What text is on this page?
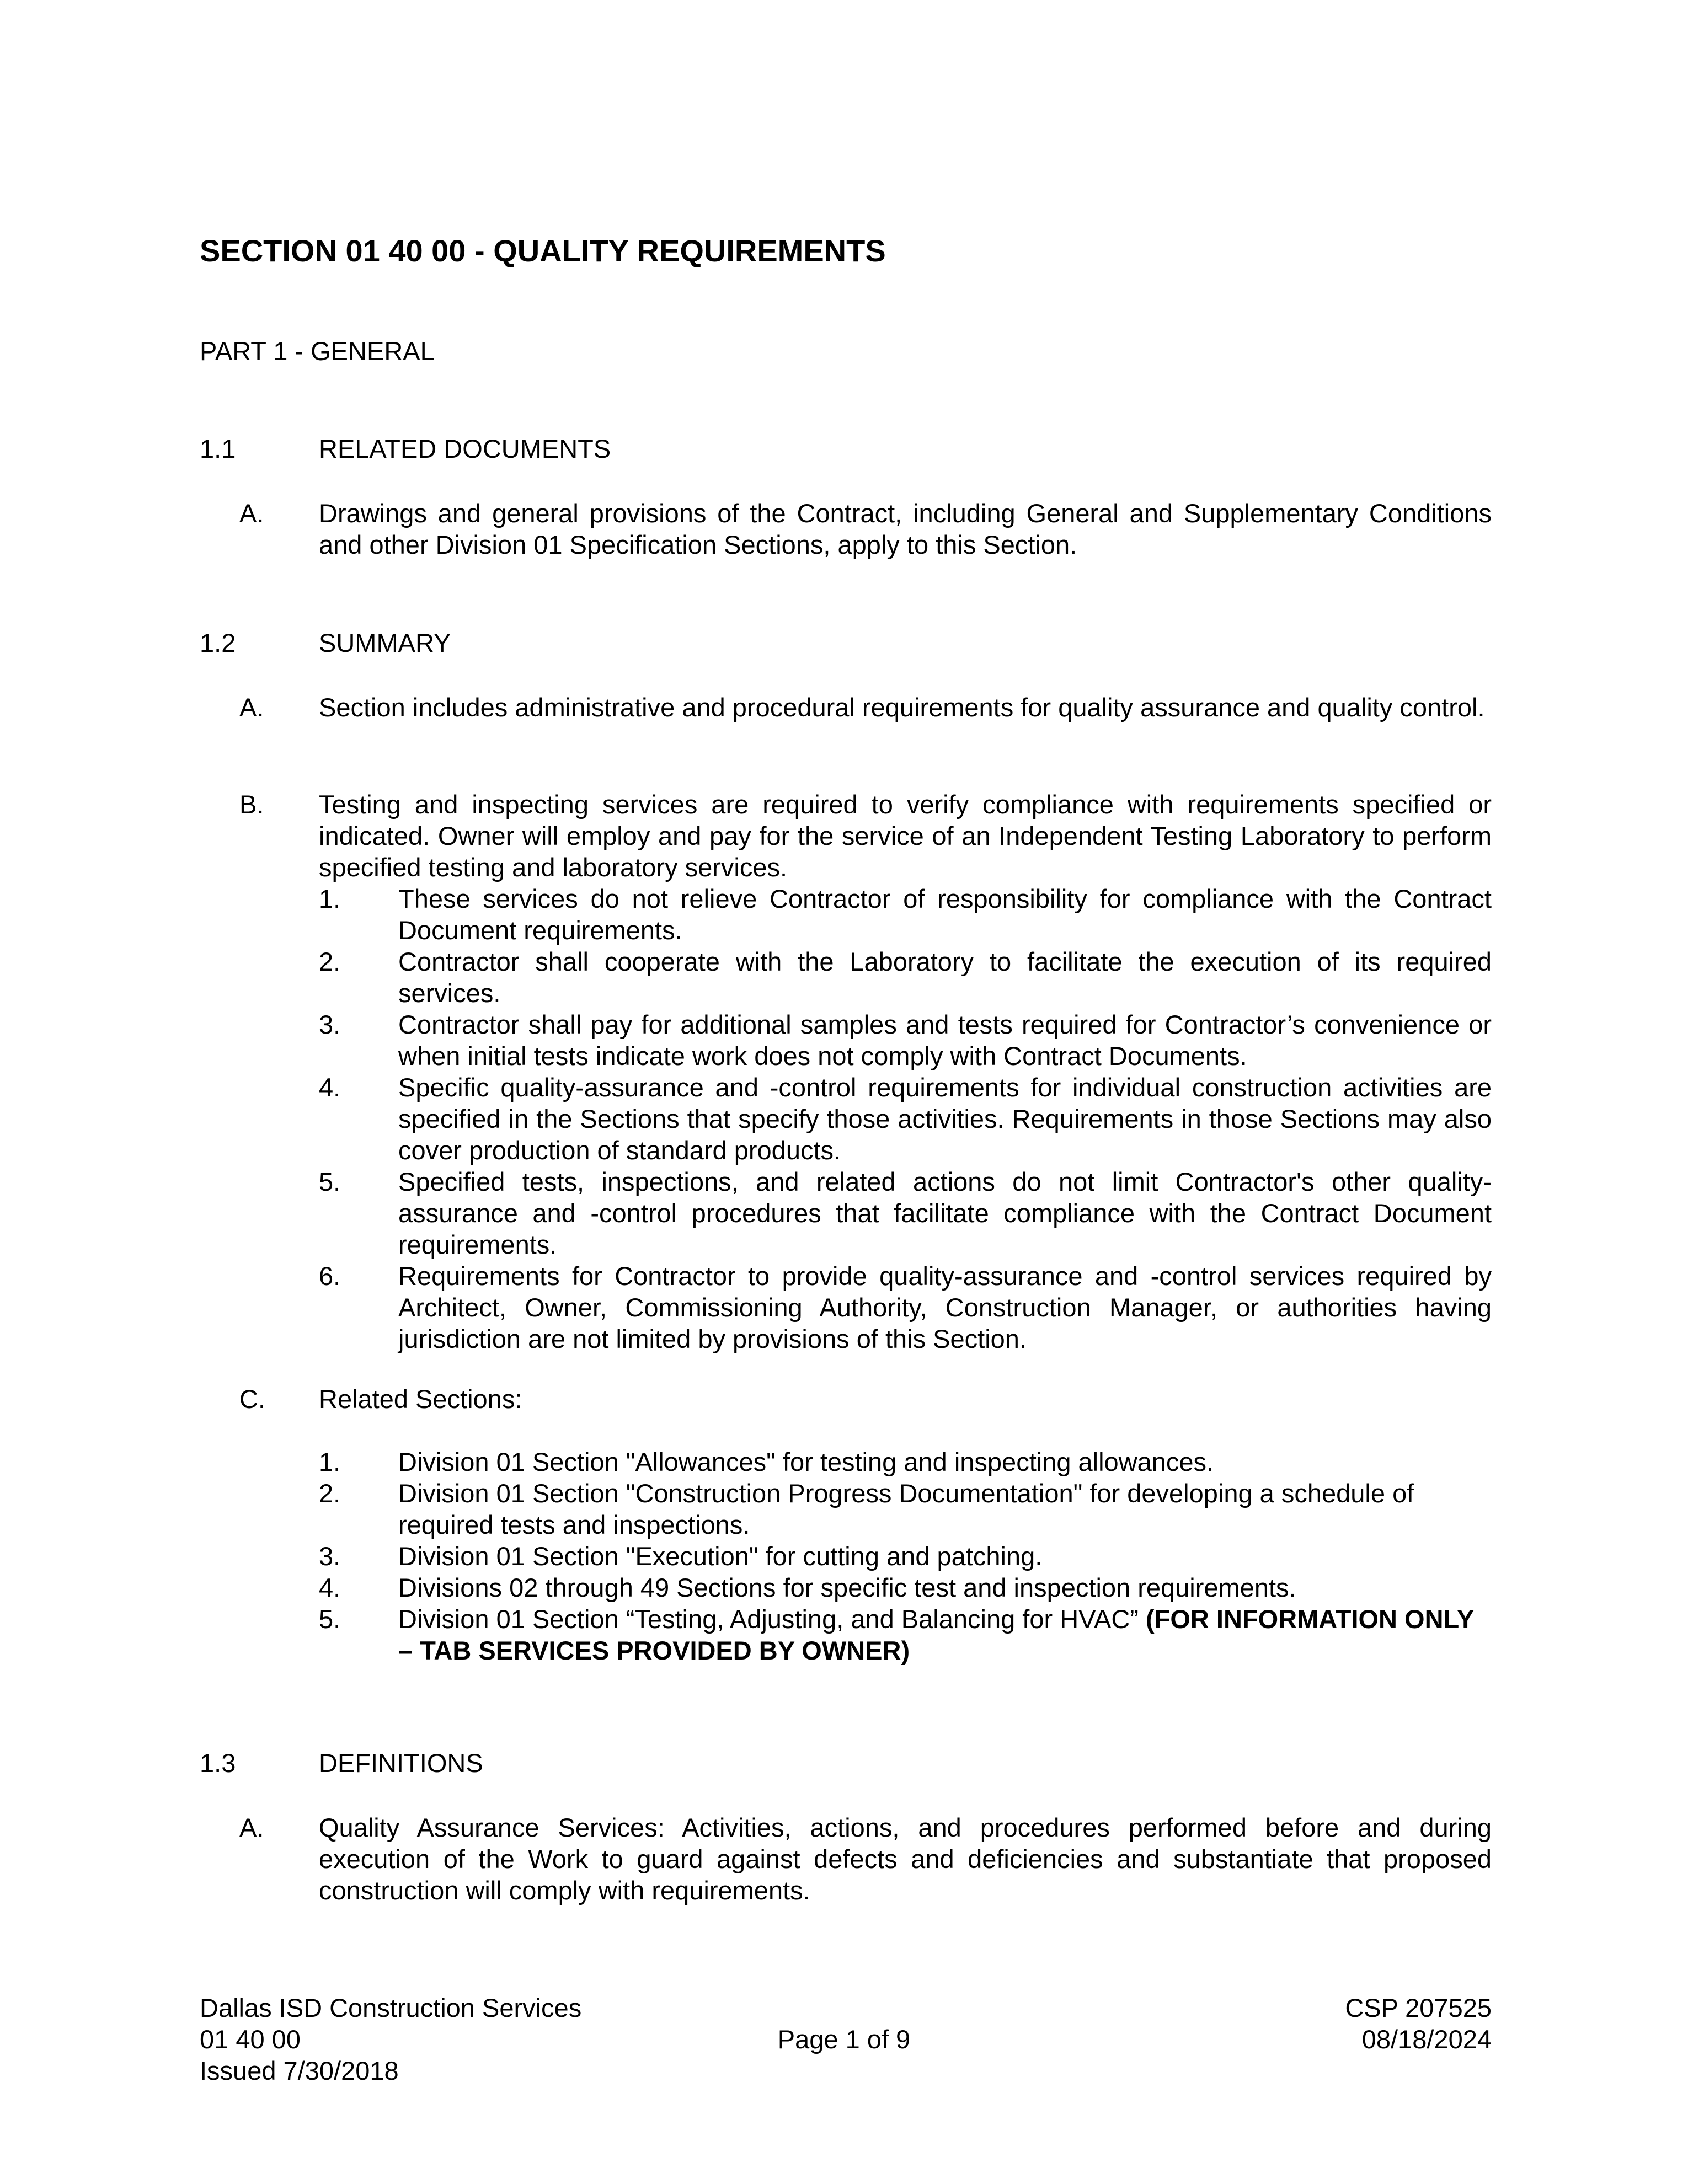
SECTION 01 40 00 - QUALITY REQUIREMENTS
PART 1 - GENERAL
1.1	RELATED DOCUMENTS
A. Drawings and general provisions of the Contract, including General and Supplementary Conditions and other Division 01 Specification Sections, apply to this Section.
1.2	SUMMARY
A. Section includes administrative and procedural requirements for quality assurance and quality control.
B. Testing and inspecting services are required to verify compliance with requirements specified or indicated. Owner will employ and pay for the service of an Independent Testing Laboratory to perform specified testing and laboratory services.
1. These services do not relieve Contractor of responsibility for compliance with the Contract Document requirements.
2. Contractor shall cooperate with the Laboratory to facilitate the execution of its required services.
3. Contractor shall pay for additional samples and tests required for Contractor’s convenience or when initial tests indicate work does not comply with Contract Documents.
4. Specific quality-assurance and -control requirements for individual construction activities are specified in the Sections that specify those activities. Requirements in those Sections may also cover production of standard products.
5. Specified tests, inspections, and related actions do not limit Contractor's other quality-assurance and -control procedures that facilitate compliance with the Contract Document requirements.
6. Requirements for Contractor to provide quality-assurance and -control services required by Architect, Owner, Commissioning Authority, Construction Manager, or authorities having jurisdiction are not limited by provisions of this Section.
C. Related Sections:
1. Division 01 Section "Allowances" for testing and inspecting allowances.
2. Division 01 Section "Construction Progress Documentation" for developing a schedule of required tests and inspections.
3. Division 01 Section "Execution" for cutting and patching.
4. Divisions 02 through 49 Sections for specific test and inspection requirements.
5. Division 01 Section “Testing, Adjusting, and Balancing for HVAC” (FOR INFORMATION ONLY – TAB SERVICES PROVIDED BY OWNER)
1.3	DEFINITIONS
A. Quality Assurance Services: Activities, actions, and procedures performed before and during execution of the Work to guard against defects and deficiencies and substantiate that proposed construction will comply with requirements.
Dallas ISD Construction Services
01 40 00
Issued 7/30/2018
Page 1 of 9
CSP 207525
08/18/2024
